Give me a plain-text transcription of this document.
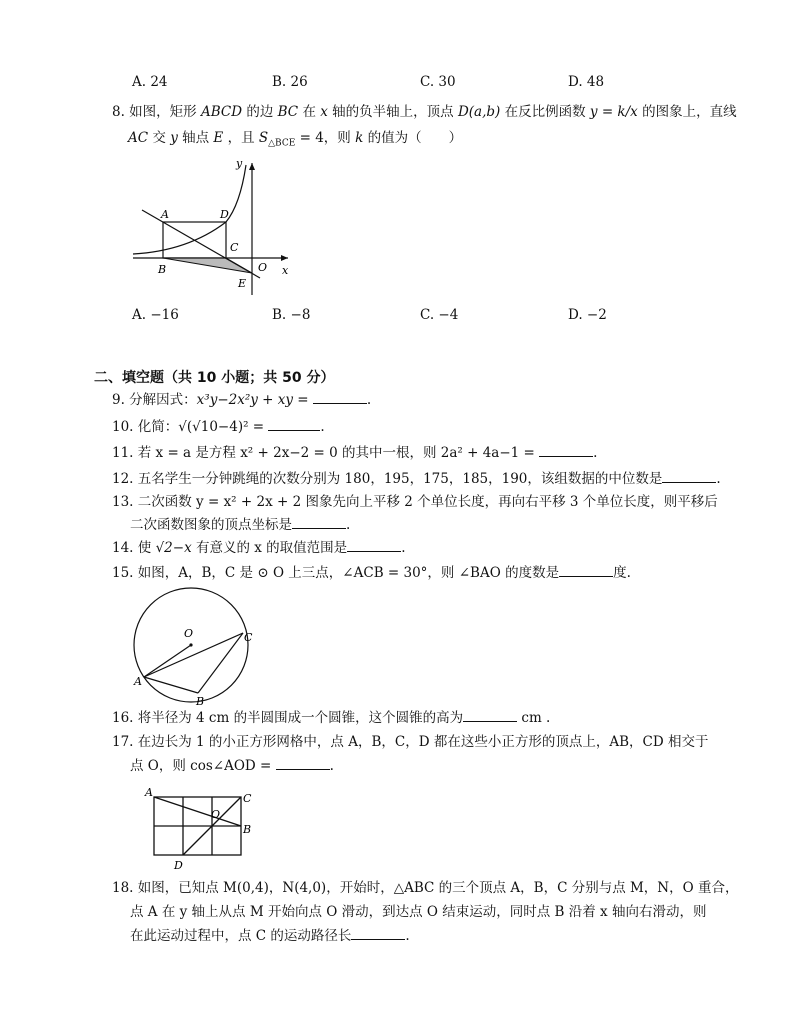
A. 24	B. 26	C. 30	D. 48
8. 如图，矩形 ABCD 的边 BC 在 x 轴的负半轴上，顶点 D(a,b) 在反比例函数 y = k/x 的图象上，直线
AC 交 y 轴点 E ，且 $S_{\triangle BCE} = 4$，则 k 的值为（　　）
y
A	D
C
B	O x
E
A. −16	B. −8	C. −4	D. −2
二、填空题（共 10 小题；共 50 分）
9. 分解因式：x³y−2x²y + xy =	.
10. 化简：√(√10−4)² =	.
11. 若 x = a 是方程 x² + 2x−2 = 0 的其中一根，则 2a² + 4a−1 =	.
12. 五名学生一分钟跳绳的次数分别为 180，195，175，185，190，该组数据的中位数是	.
13. 二次函数 y = x² + 2x + 2 图象先向上平移 2 个单位长度，再向右平移 3 个单位长度，则平移后
二次函数图象的顶点坐标是	.
14. 使 √2−x 有意义的 x 的取值范围是	.
15. 如图，A，B，C 是 ⊙ O 上三点，∠ACB = 30°，则 ∠BAO 的度数是	度.
O	C
A
B
16. 将半径为 4 cm 的半圆围成一个圆锥，这个圆锥的高为	cm .
17. 在边长为 1 的小正方形网格中，点 A，B，C，D 都在这些小正方形的顶点上，AB，CD 相交于
点 O，则 cos∠AOD =	.
A	C
O
B
D
18. 如图，已知点 M(0,4)，N(4,0)，开始时，△ABC 的三个顶点 A，B，C 分别与点 M，N，O 重合，
点 A 在 y 轴上从点 M 开始向点 O 滑动，到达点 O 结束运动，同时点 B 沿着 x 轴向右滑动，则
在此运动过程中，点 C 的运动路径长	.
